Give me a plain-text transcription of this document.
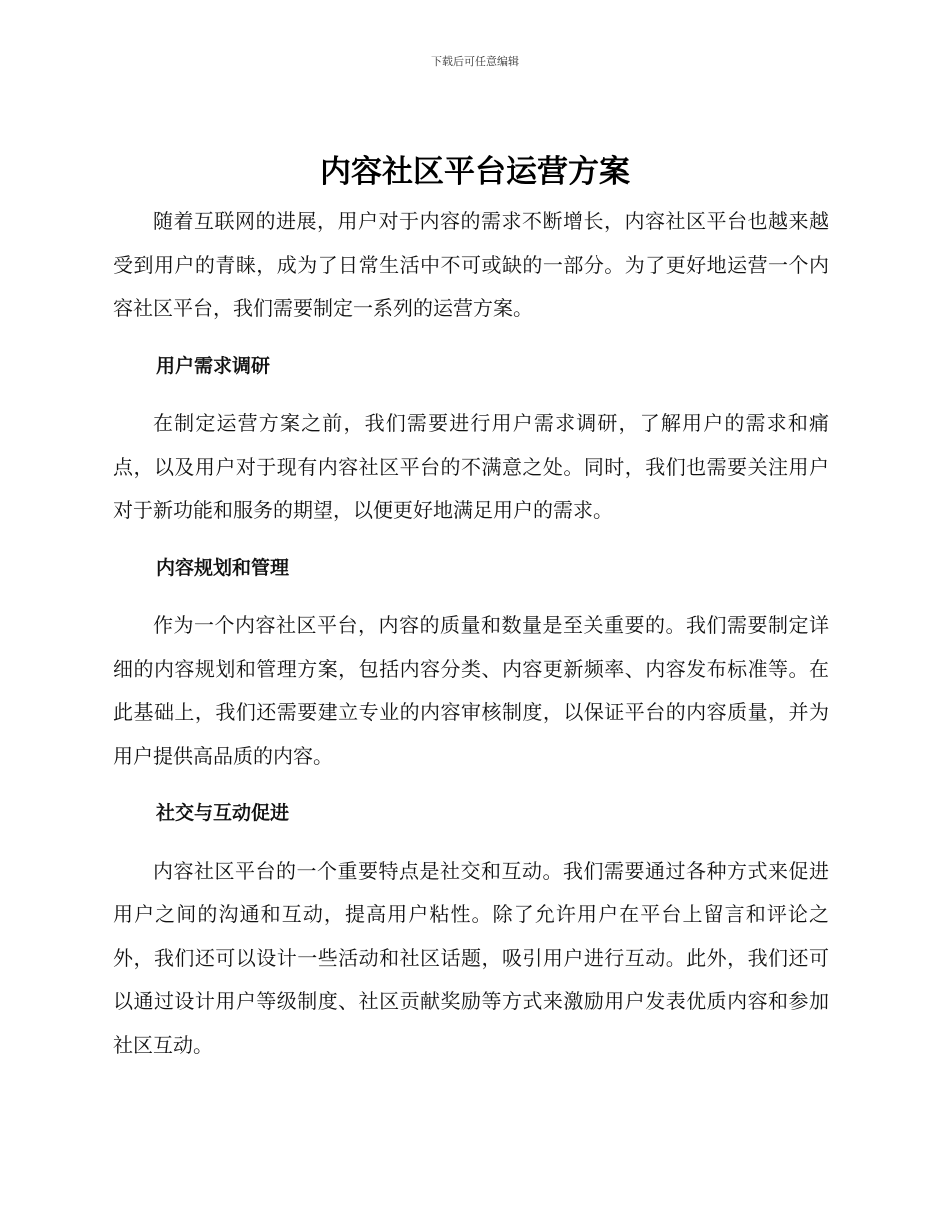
下载后可任意编辑
内容社区平台运营方案

随着互联网的进展，用户对于内容的需求不断增长，内容社区平台也越来越受到用户的青睐，成为了日常生活中不可或缺的一部分。为了更好地运营一个内容社区平台，我们需要制定一系列的运营方案。

用户需求调研

在制定运营方案之前，我们需要进行用户需求调研，了解用户的需求和痛点，以及用户对于现有内容社区平台的不满意之处。同时，我们也需要关注用户对于新功能和服务的期望，以便更好地满足用户的需求。

内容规划和管理

作为一个内容社区平台，内容的质量和数量是至关重要的。我们需要制定详细的内容规划和管理方案，包括内容分类、内容更新频率、内容发布标准等。在此基础上，我们还需要建立专业的内容审核制度，以保证平台的内容质量，并为用户提供高品质的内容。

社交与互动促进

内容社区平台的一个重要特点是社交和互动。我们需要通过各种方式来促进用户之间的沟通和互动，提高用户粘性。除了允许用户在平台上留言和评论之外，我们还可以设计一些活动和社区话题，吸引用户进行互动。此外，我们还可以通过设计用户等级制度、社区贡献奖励等方式来激励用户发表优质内容和参加社区互动。
